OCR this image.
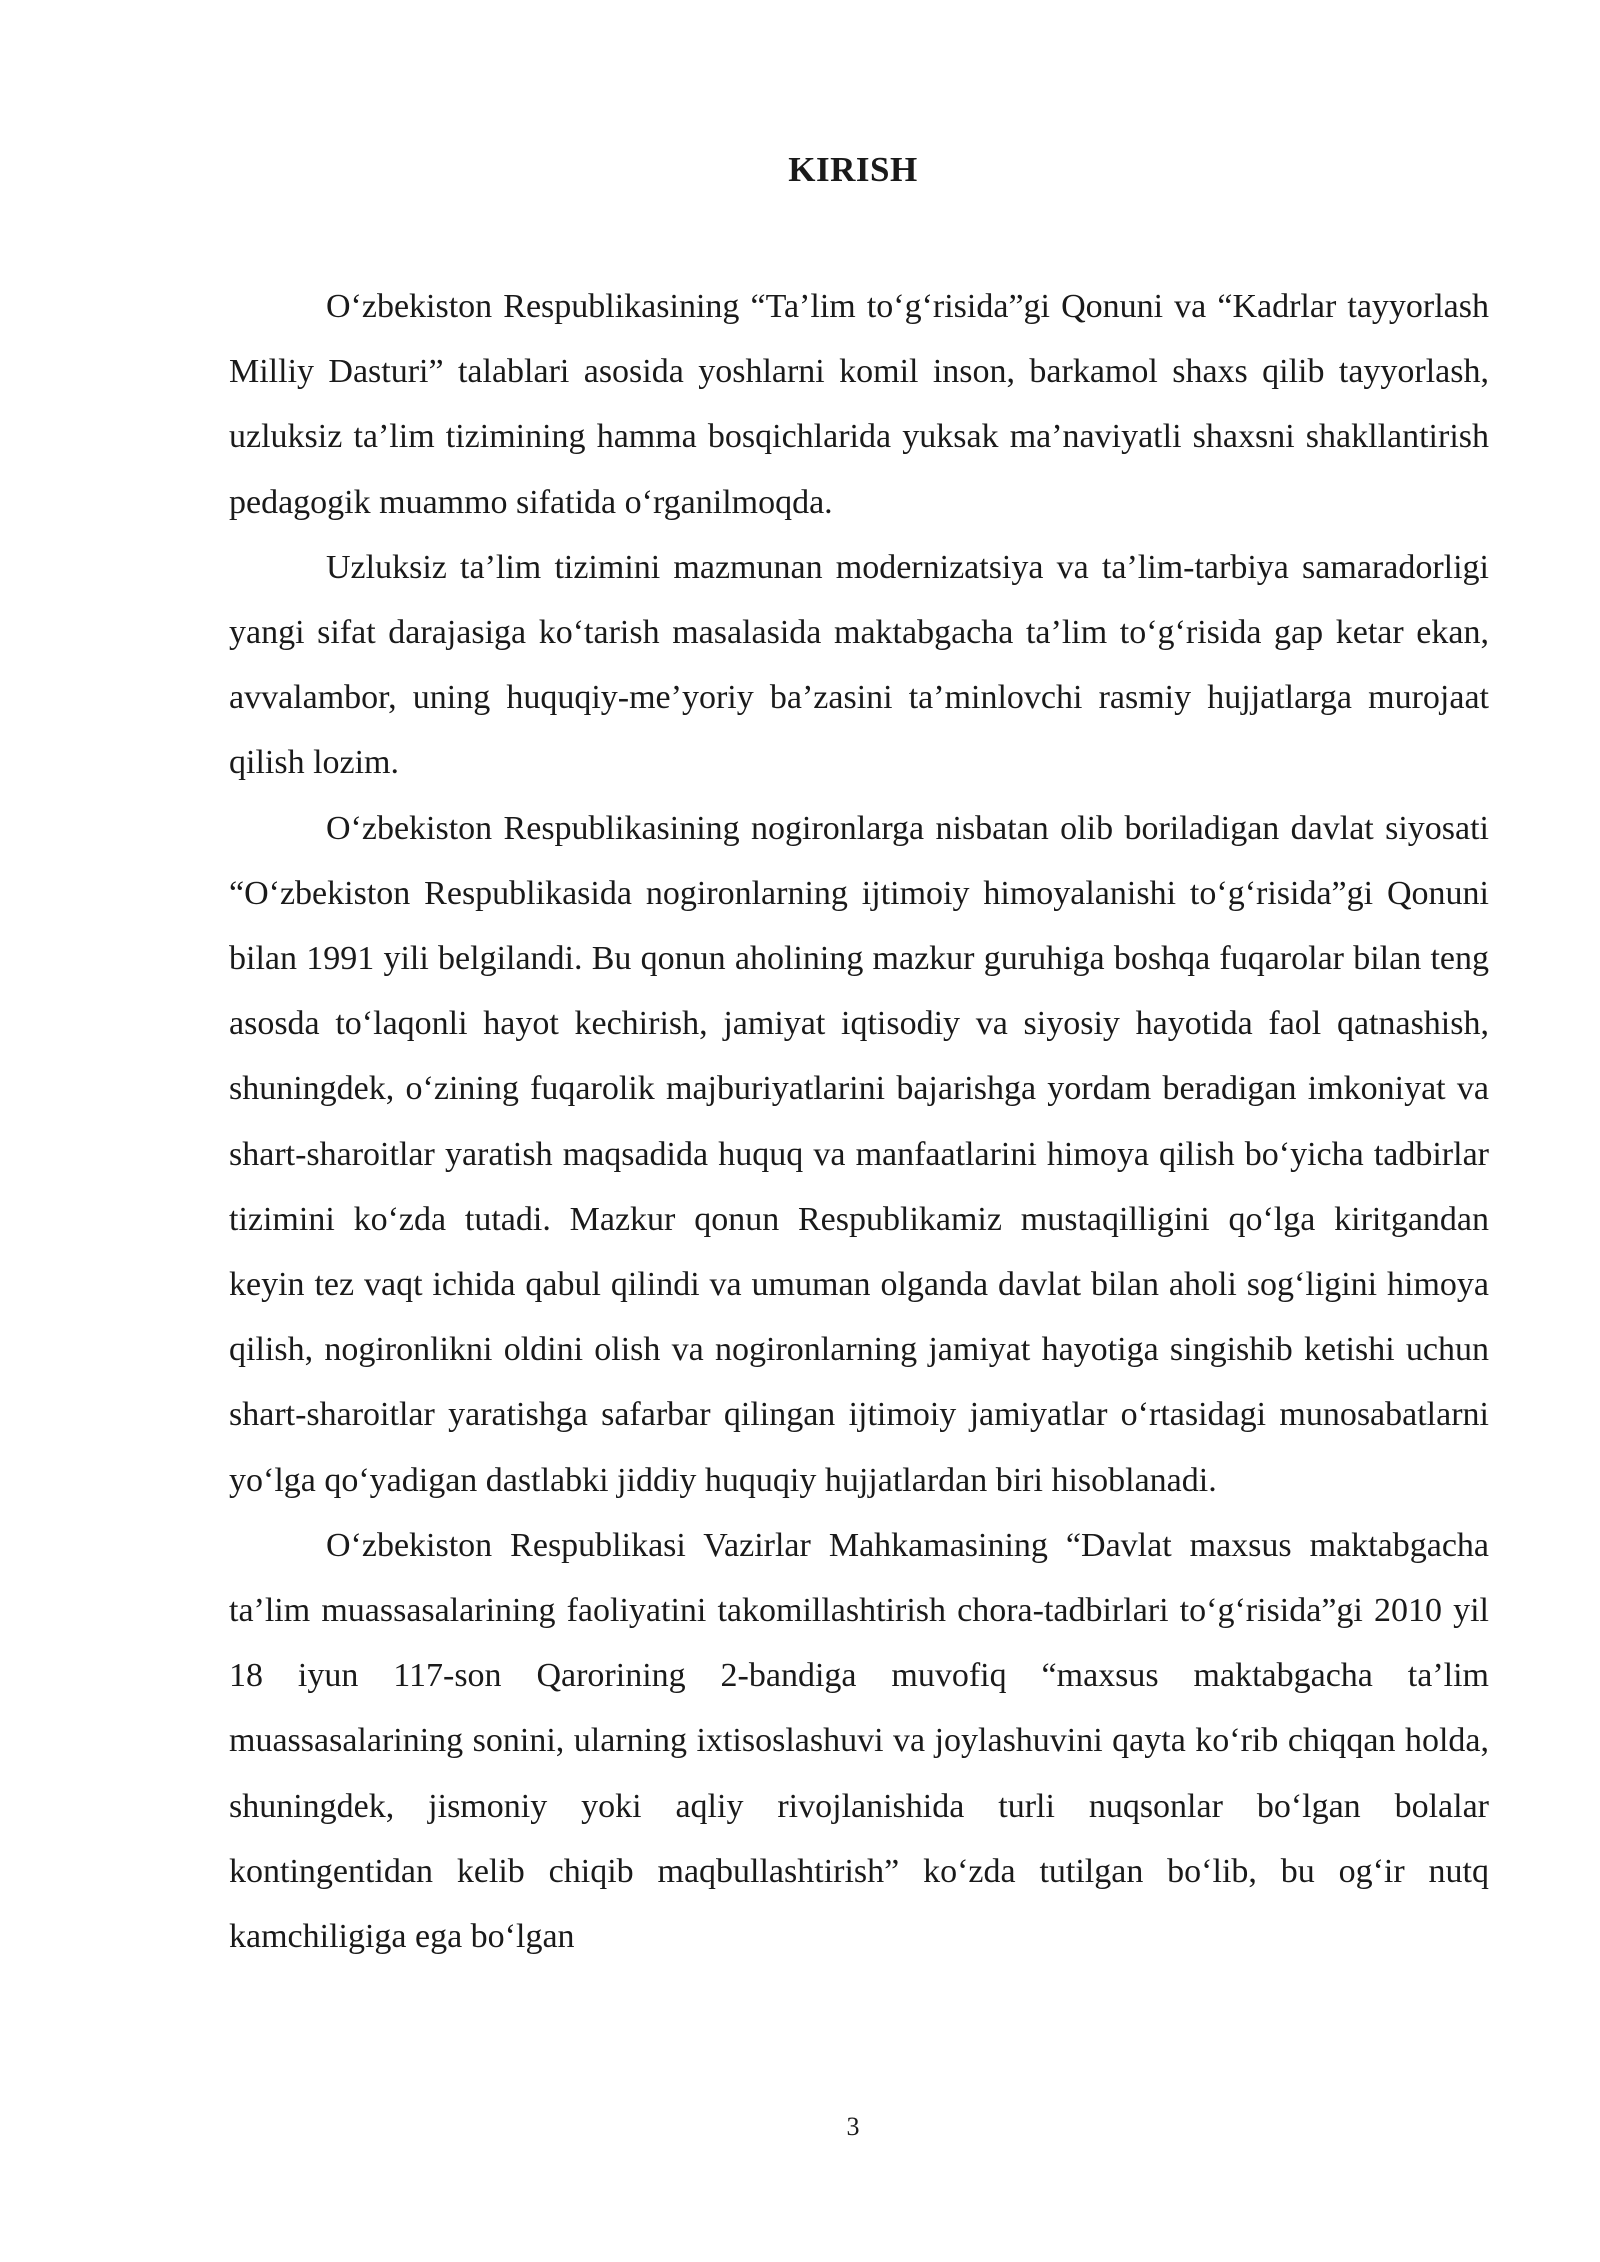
KIRISH

O‘zbekiston Respublikasining “Ta’lim to‘g‘risida”gi Qonuni va “Kadrlar tayyorlash Milliy Dasturi” talablari asosida yoshlarni komil inson, barkamol shaxs qilib tayyorlash, uzluksiz ta’lim tizimining hamma bosqichlarida yuksak ma’naviyatli shaxsni shakllantirish pedagogik muammo sifatida o‘rganilmoqda.

Uzluksiz ta’lim tizimini mazmunan modernizatsiya va ta’lim-tarbiya samaradorligi yangi sifat darajasiga ko‘tarish masalasida maktabgacha ta’lim to‘g‘risida gap ketar ekan, avvalambor, uning huquqiy-me’yoriy ba’zasini ta’minlovchi rasmiy hujjatlarga murojaat qilish lozim.

O‘zbekiston Respublikasining nogironlarga nisbatan olib boriladigan davlat siyosati “O‘zbekiston Respublikasida nogironlarning ijtimoiy himoyalanishi to‘g‘risida”gi Qonuni bilan 1991 yili belgilandi. Bu qonun aholining mazkur guruhiga boshqa fuqarolar bilan teng asosda to‘laqonli hayot kechirish, jamiyat iqtisodiy va siyosiy hayotida faol qatnashish, shuningdek, o‘zining fuqarolik majburiyatlarini bajarishga yordam beradigan imkoniyat va shart-sharoitlar yaratish maqsadida huquq va manfaatlarini himoya qilish bo‘yicha tadbirlar tizimini ko‘zda tutadi. Mazkur qonun Respublikamiz mustaqilligini qo‘lga kiritgandan keyin tez vaqt ichida qabul qilindi va umuman olganda davlat bilan aholi sog‘ligini himoya qilish, nogironlikni oldini olish va nogironlarning jamiyat hayotiga singishib ketishi uchun shart-sharoitlar yaratishga safarbar qilingan ijtimoiy jamiyatlar o‘rtasidagi munosabatlarni yo‘lga qo‘yadigan dastlabki jiddiy huquqiy hujjatlardan biri hisoblanadi.

O‘zbekiston Respublikasi Vazirlar Mahkamasining “Davlat maxsus maktabgacha ta’lim muassasalarining faoliyatini takomillashtirish chora-tadbirlari to‘g‘risida”gi 2010 yil 18 iyun 117-son Qarorining 2-bandiga muvofiq “maxsus maktabgacha ta’lim muassasalarining sonini, ularning ixtisoslashuvi va joylashuvini qayta ko‘rib chiqqan holda, shuningdek, jismoniy yoki aqliy rivojlanishida turli nuqsonlar bo‘lgan bolalar kontingentidan kelib chiqib maqbullashtirish” ko‘zda tutilgan bo‘lib, bu og‘ir nutq kamchiligiga ega bo‘lgan

3
